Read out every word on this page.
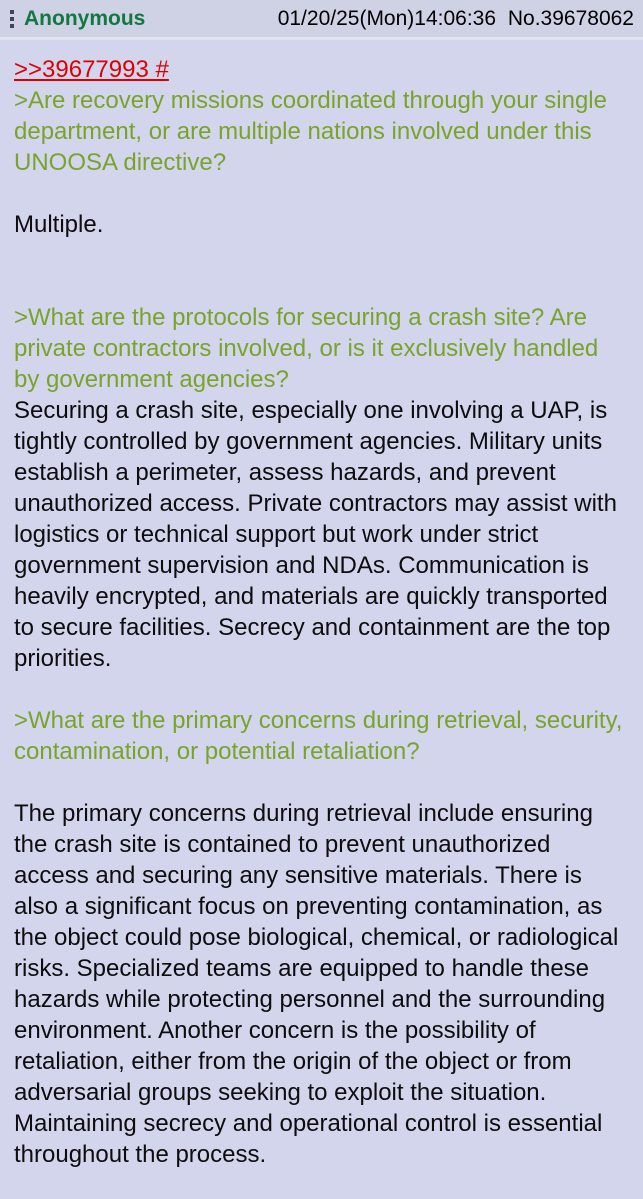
Anonymous	01/20/25(Mon)14:06:36 No.39678062
>>39677993 #
>Are recovery missions coordinated through your single department, or are multiple nations involved under this UNOOSA directive?
Multiple.
>What are the protocols for securing a crash site? Are private contractors involved, or is it exclusively handled by government agencies?
Securing a crash site, especially one involving a UAP, is tightly controlled by government agencies. Military units establish a perimeter, assess hazards, and prevent unauthorized access. Private contractors may assist with logistics or technical support but work under strict government supervision and NDAs. Communication is heavily encrypted, and materials are quickly transported to secure facilities. Secrecy and containment are the top priorities.
>What are the primary concerns during retrieval, security, contamination, or potential retaliation?
The primary concerns during retrieval include ensuring the crash site is contained to prevent unauthorized access and securing any sensitive materials. There is also a significant focus on preventing contamination, as the object could pose biological, chemical, or radiological risks. Specialized teams are equipped to handle these hazards while protecting personnel and the surrounding environment. Another concern is the possibility of retaliation, either from the origin of the object or from adversarial groups seeking to exploit the situation. Maintaining secrecy and operational control is essential throughout the process.
